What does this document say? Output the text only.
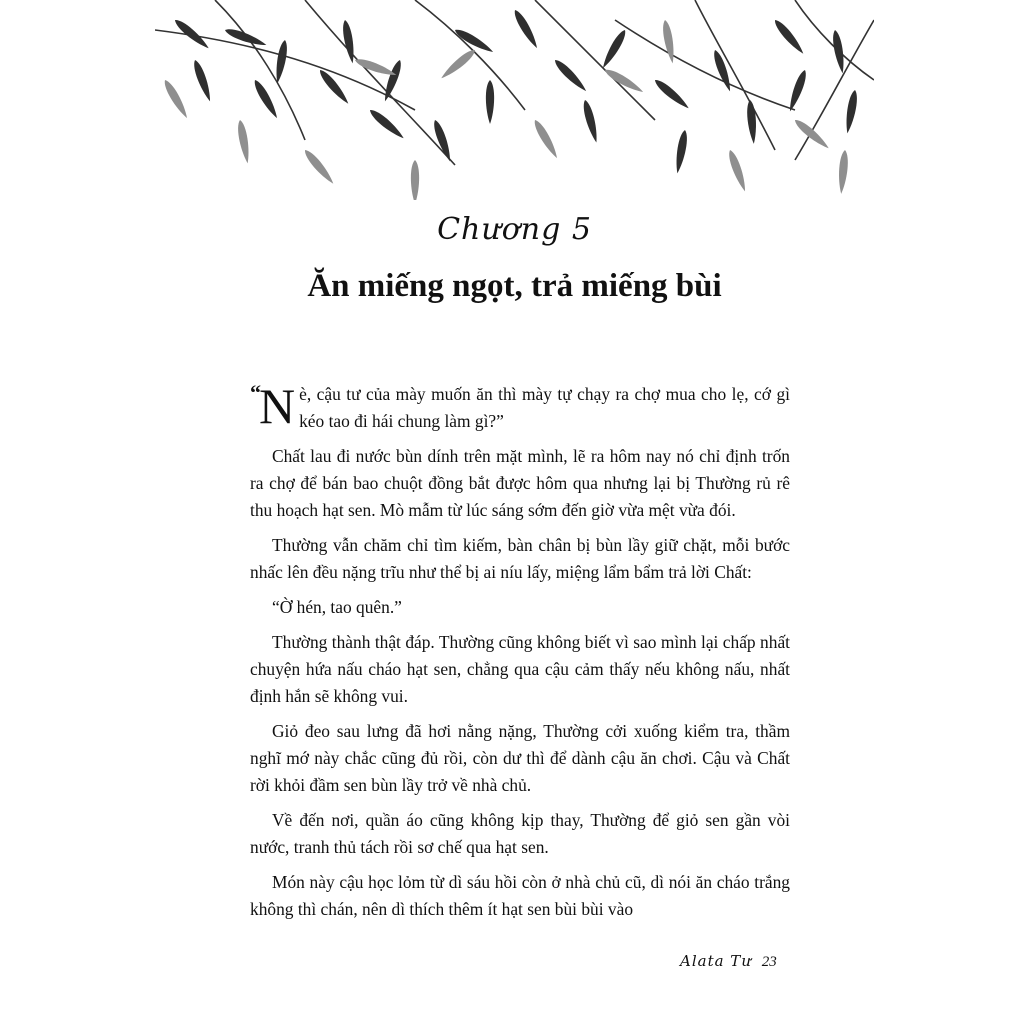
Chương 5
Ăn miếng ngọt, trả miếng bùi

“N è, cậu tư của mày muốn ăn thì mày tự chạy ra chợ mua cho lẹ, cớ gì kéo tao đi hái chung làm gì?”

Chất lau đi nước bùn dính trên mặt mình, lẽ ra hôm nay nó chỉ định trốn ra chợ để bán bao chuột đồng bắt được hôm qua nhưng lại bị Thường rủ rê thu hoạch hạt sen. Mò mẫm từ lúc sáng sớm đến giờ vừa mệt vừa đói.

Thường vẫn chăm chỉ tìm kiếm, bàn chân bị bùn lầy giữ chặt, mỗi bước nhấc lên đều nặng trĩu như thể bị ai níu lấy, miệng lẩm bẩm trả lời Chất:

“Ờ hén, tao quên.”

Thường thành thật đáp. Thường cũng không biết vì sao mình lại chấp nhất chuyện hứa nấu cháo hạt sen, chẳng qua cậu cảm thấy nếu không nấu, nhất định hắn sẽ không vui.

Giỏ đeo sau lưng đã hơi nằng nặng, Thường cởi xuống kiểm tra, thầm nghĩ mớ này chắc cũng đủ rồi, còn dư thì để dành cậu ăn chơi. Cậu và Chất rời khỏi đầm sen bùn lầy trở về nhà chủ.

Về đến nơi, quần áo cũng không kịp thay, Thường để giỏ sen gần vòi nước, tranh thủ tách rồi sơ chế qua hạt sen.

Món này cậu học lỏm từ dì sáu hồi còn ở nhà chủ cũ, dì nói ăn cháo trắng không thì chán, nên dì thích thêm ít hạt sen bùi bùi vào

Alata Tư 23
